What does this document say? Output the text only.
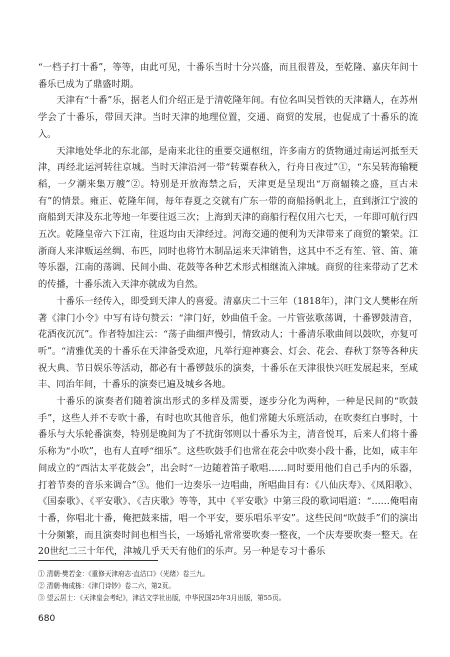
“一档子打十番”，等等，由此可见，十番乐当时十分兴盛，而且很普及，至乾隆、嘉庆年间十番乐已成为了鼎盛时期。

天津有“十番”乐，据老人们介绍正是于清乾隆年间。有位名叫吴哲铁的天津籍人，在苏州学会了十番乐，带回天津。当时天津的地理位置，交通、商贸的发展，也促成了十番乐的流入。

天津地处华北的东北部，是南来北往的重要交通枢纽，许多南方的货物通过南运河抵至天津，再经北运河转往京城。当时天津沿河一带“转粟春秋入，行舟日夜过”①，“东吴转海输粳稻，一夕潮来集万艘”②。特别是开放海禁之后，天津更是呈现出“万商辐辏之盛，亘古未有”的情景。雍正、乾隆年间，每年春夏之交就有广东一带的商船扬帆北上，直到浙江宁波的商船到天津及东北等地一年要往返三次；上海到天津的商船行程仅用六七天，一年即可航行四五次。乾隆皇帝六下江南，往返均由天津经过。河海交通的便利为天津带来了商贸的繁荣。江浙商人来津贩运丝绸、布匹，同时也将竹木制品运来天津销售，这其中不乏有笙、管、笛、箫等乐器，江南的荡调、民间小曲、花鼓等各种艺术形式相继流入津城。商贸的往来带动了艺术的传播，十番乐流入天津亦就成为自然。

十番乐一经传入，即受到天津人的喜爱。清嘉庆二十三年（1818年），津门文人樊彬在所著《津门小令》中写有诗句赞云：“津门好，妙曲值千金。一片管弦歌荡调，十番锣鼓清音，花酒夜沉沉”。作者特加注云：“荡子曲细声慢引，情致动人；十番清乐歌曲间以鼓吹，亦复可听”。“清雅优美的十番乐在天津备受欢迎，凡举行迎神赛会、灯会、花会、春秋丁祭等各种庆祝大典、节日娱乐等活动，都必有十番锣鼓乐的演奏，十番乐在天津很快兴旺发展起来，至咸丰、同治年间，十番乐的演奏已遍及城乡各地。

十番乐的演奏者们随着演出形式的多样及需要，逐步分化为两种，一种是民间的“吹鼓手”，这些人并不专吹十番，有时也吹其他音乐，他们常随大乐班活动，在吹奏红白事时，十番乐与大乐轮番演奏，特别是晚间为了不扰街邻则以十番乐为主，清音悦耳，后来人们将十番乐称为“小吹”，也有人直呼“细乐”。这些吹鼓手们也常在花会中吹奏小段十番，比如，咸丰年间成立的“西沽太平花鼓会”，出会时“一边随着笛子歌唱……同时要用他们自己手内的乐器，打着节奏的音乐来调合”③。他们一边奏乐一边唱曲，所唱曲目有：《八仙庆寿》、《凤阳歌》、《国泰歌》、《平安歌》、《吉庆歌》等等，其中《平安歌》中第三段的歌词唱道：“……俺唱南十番，你唱北十番，俺把鼓来擂，唱一个平安，要乐唱乐平安”。这些民间“吹鼓手”们的演出十分频繁，而且演奏时间也相当长，一场婚礼常常要吹奏一整夜，一个庆寿要吹奏一整天。在20世纪二三十年代，津城几乎天天有他们的乐声。另一种是专习十番乐

① 清朝·樊若金：《重修天津府志·直沽口》（光绪）卷三九。

② 清朝·梅成栋：《津门诗钞》卷二六，第2页。

③ 望云居士：《天津皇会考纪》，津沽文学社出版，中华民国25年3月出版，第55页。

680
